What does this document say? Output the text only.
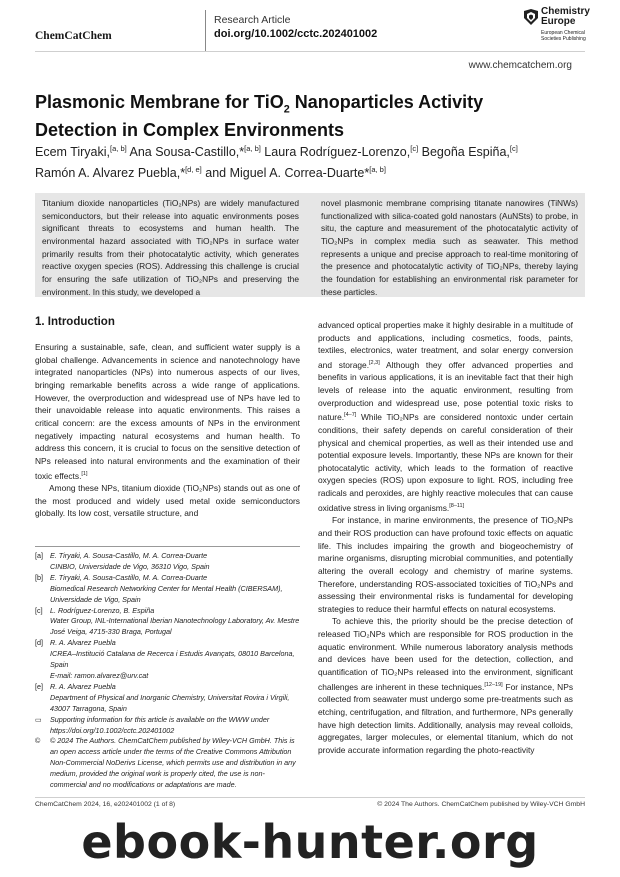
ChemCatChem
Research Article
doi.org/10.1002/cctc.202401002
Chemistry
Europe
European Chemical
Societies Publishing
www.chemcatchem.org
Plasmonic Membrane for TiO$_2$ Nanoparticles Activity
Detection in Complex Environments
Ecem Tiryaki,[a, b] Ana Sousa-Castillo,*[a, b] Laura Rodríguez-Lorenzo,[c] Begoña Espiña,[c]
Ramón A. Alvarez Puebla,*[d, e] and Miguel A. Correa-Duarte*[a, b]
Titanium dioxide nanoparticles (TiO₂NPs) are widely manufactured semiconductors, but their release into aquatic environments poses significant threats to ecosystems and human health. The environmental hazard associated with TiO₂NPs in surface water primarily results from their photocatalytic activity, which generates reactive oxygen species (ROS). Addressing this challenge is crucial for ensuring the safe utilization of TiO₂NPs and preserving the environment. In this study, we developed a
novel plasmonic membrane comprising titanate nanowires (TiNWs) functionalized with silica-coated gold nanostars (AuNSts) to probe, in situ, the capture and measurement of the photocatalytic activity of TiO₂NPs in complex media such as seawater. This method represents a unique and precise approach to real-time monitoring of the presence and photocatalytic activity of TiO₂NPs, thereby laying the foundation for establishing an environmental risk parameter for these particles.
1. Introduction

Ensuring a sustainable, safe, clean, and sufficient water supply is a global challenge. Advancements in science and nanotechnology have integrated nanoparticles (NPs) into numerous aspects of our lives, bringing remarkable benefits across a wide range of applications. However, the overproduction and widespread use of NPs have led to their unavoidable release into aquatic environments. This raises a critical concern: are the excess amounts of NPs in the environment negatively impacting natural ecosystems and human health. To address this concern, it is crucial to focus on the sensitive detection of NPs released into natural environments and the examination of their toxic effects.[1]

Among these NPs, titanium dioxide (TiO₂NPs) stands out as one of the most produced and widely used metal oxide semiconductors globally. Its low cost, versatile structure, and

[a] E. Tiryaki, A. Sousa-Castillo, M. A. Correa-Duarte
CINBIO, Universidade de Vigo, 36310 Vigo, Spain
[b] E. Tiryaki, A. Sousa-Castillo, M. A. Correa-Duarte
Biomedical Research Networking Center for Mental Health (CIBERSAM), Universidade de Vigo, Spain
[c]	L. Rodríguez-Lorenzo, B. Espiña
Water Group, INL-International Iberian Nanotechnology Laboratory, Av. Mestre José Veiga, 4715-330 Braga, Portugal
[d] R. A. Alvarez Puebla
ICREA–Institució Catalana de Recerca i Estudis Avançats, 08010 Barcelona, Spain
E-mail: ramon.alvarez@urv.cat
[e] R. A. Alvarez Puebla
Department of Physical and Inorganic Chemistry, Universitat Rovira i Virgili, 43007 Tarragona, Spain
▭	Supporting information for this article is available on the WWW under https://doi.org/10.1002/cctc.202401002
©	© 2024 The Authors. ChemCatChem published by Wiley-VCH GmbH. This is an open access article under the terms of the Creative Commons Attribution Non-Commercial NoDerivs License, which permits use and distribution in any medium, provided the original work is properly cited, the use is non-commercial and no modifications or adaptations are made.

advanced optical properties make it highly desirable in a multitude of products and applications, including cosmetics, foods, paints, textiles, electronics, water treatment, and solar energy conversion and storage.[2,3] Although they offer advanced properties and benefits in various applications, it is an inevitable fact that their high levels of release into the aquatic environment, resulting from overproduction and widespread use, pose potential toxic risks to nature.[4–7] While TiO₂NPs are considered nontoxic under certain conditions, their safety depends on careful consideration of their physical and chemical properties, as well as their intended use and potential exposure levels. Importantly, these NPs are known for their photocatalytic activity, which leads to the formation of reactive oxygen species (ROS) upon exposure to light. ROS, including free radicals and peroxides, are highly reactive molecules that can cause oxidative stress in living organisms.[8–11]

For instance, in marine environments, the presence of TiO₂NPs and their ROS production can have profound toxic effects on aquatic life. This includes impairing the growth and biogeochemistry of marine organisms, disrupting microbial communities, and potentially altering the overall ecology and chemistry of marine systems. Therefore, understanding ROS-associated toxicities of TiO₂NPs and assessing their environmental risks is fundamental for developing strategies to reduce their harmful effects on natural ecosystems.

To achieve this, the priority should be the precise detection of released TiO₂NPs which are responsible for ROS production in the aquatic environment. While numerous laboratory analysis methods and devices have been used for the detection, collection, and quantification of TiO₂NPs released into the environment, significant challenges are inherent in these techniques.[12–19] For instance, NPs collected from seawater must undergo some pre-treatments such as etching, centrifugation, and filtration, and furthermore, NPs generally have high detection limits. Additionally, analysis may reveal colloids, aggregates, larger molecules, or elemental titanium, which do not provide accurate information regarding the photo-reactivity

ChemCatChem 2024, 16, e202401002 (1 of 8)	© 2024 The Authors. ChemCatChem published by Wiley-VCH GmbH
ebook-hunter.org
